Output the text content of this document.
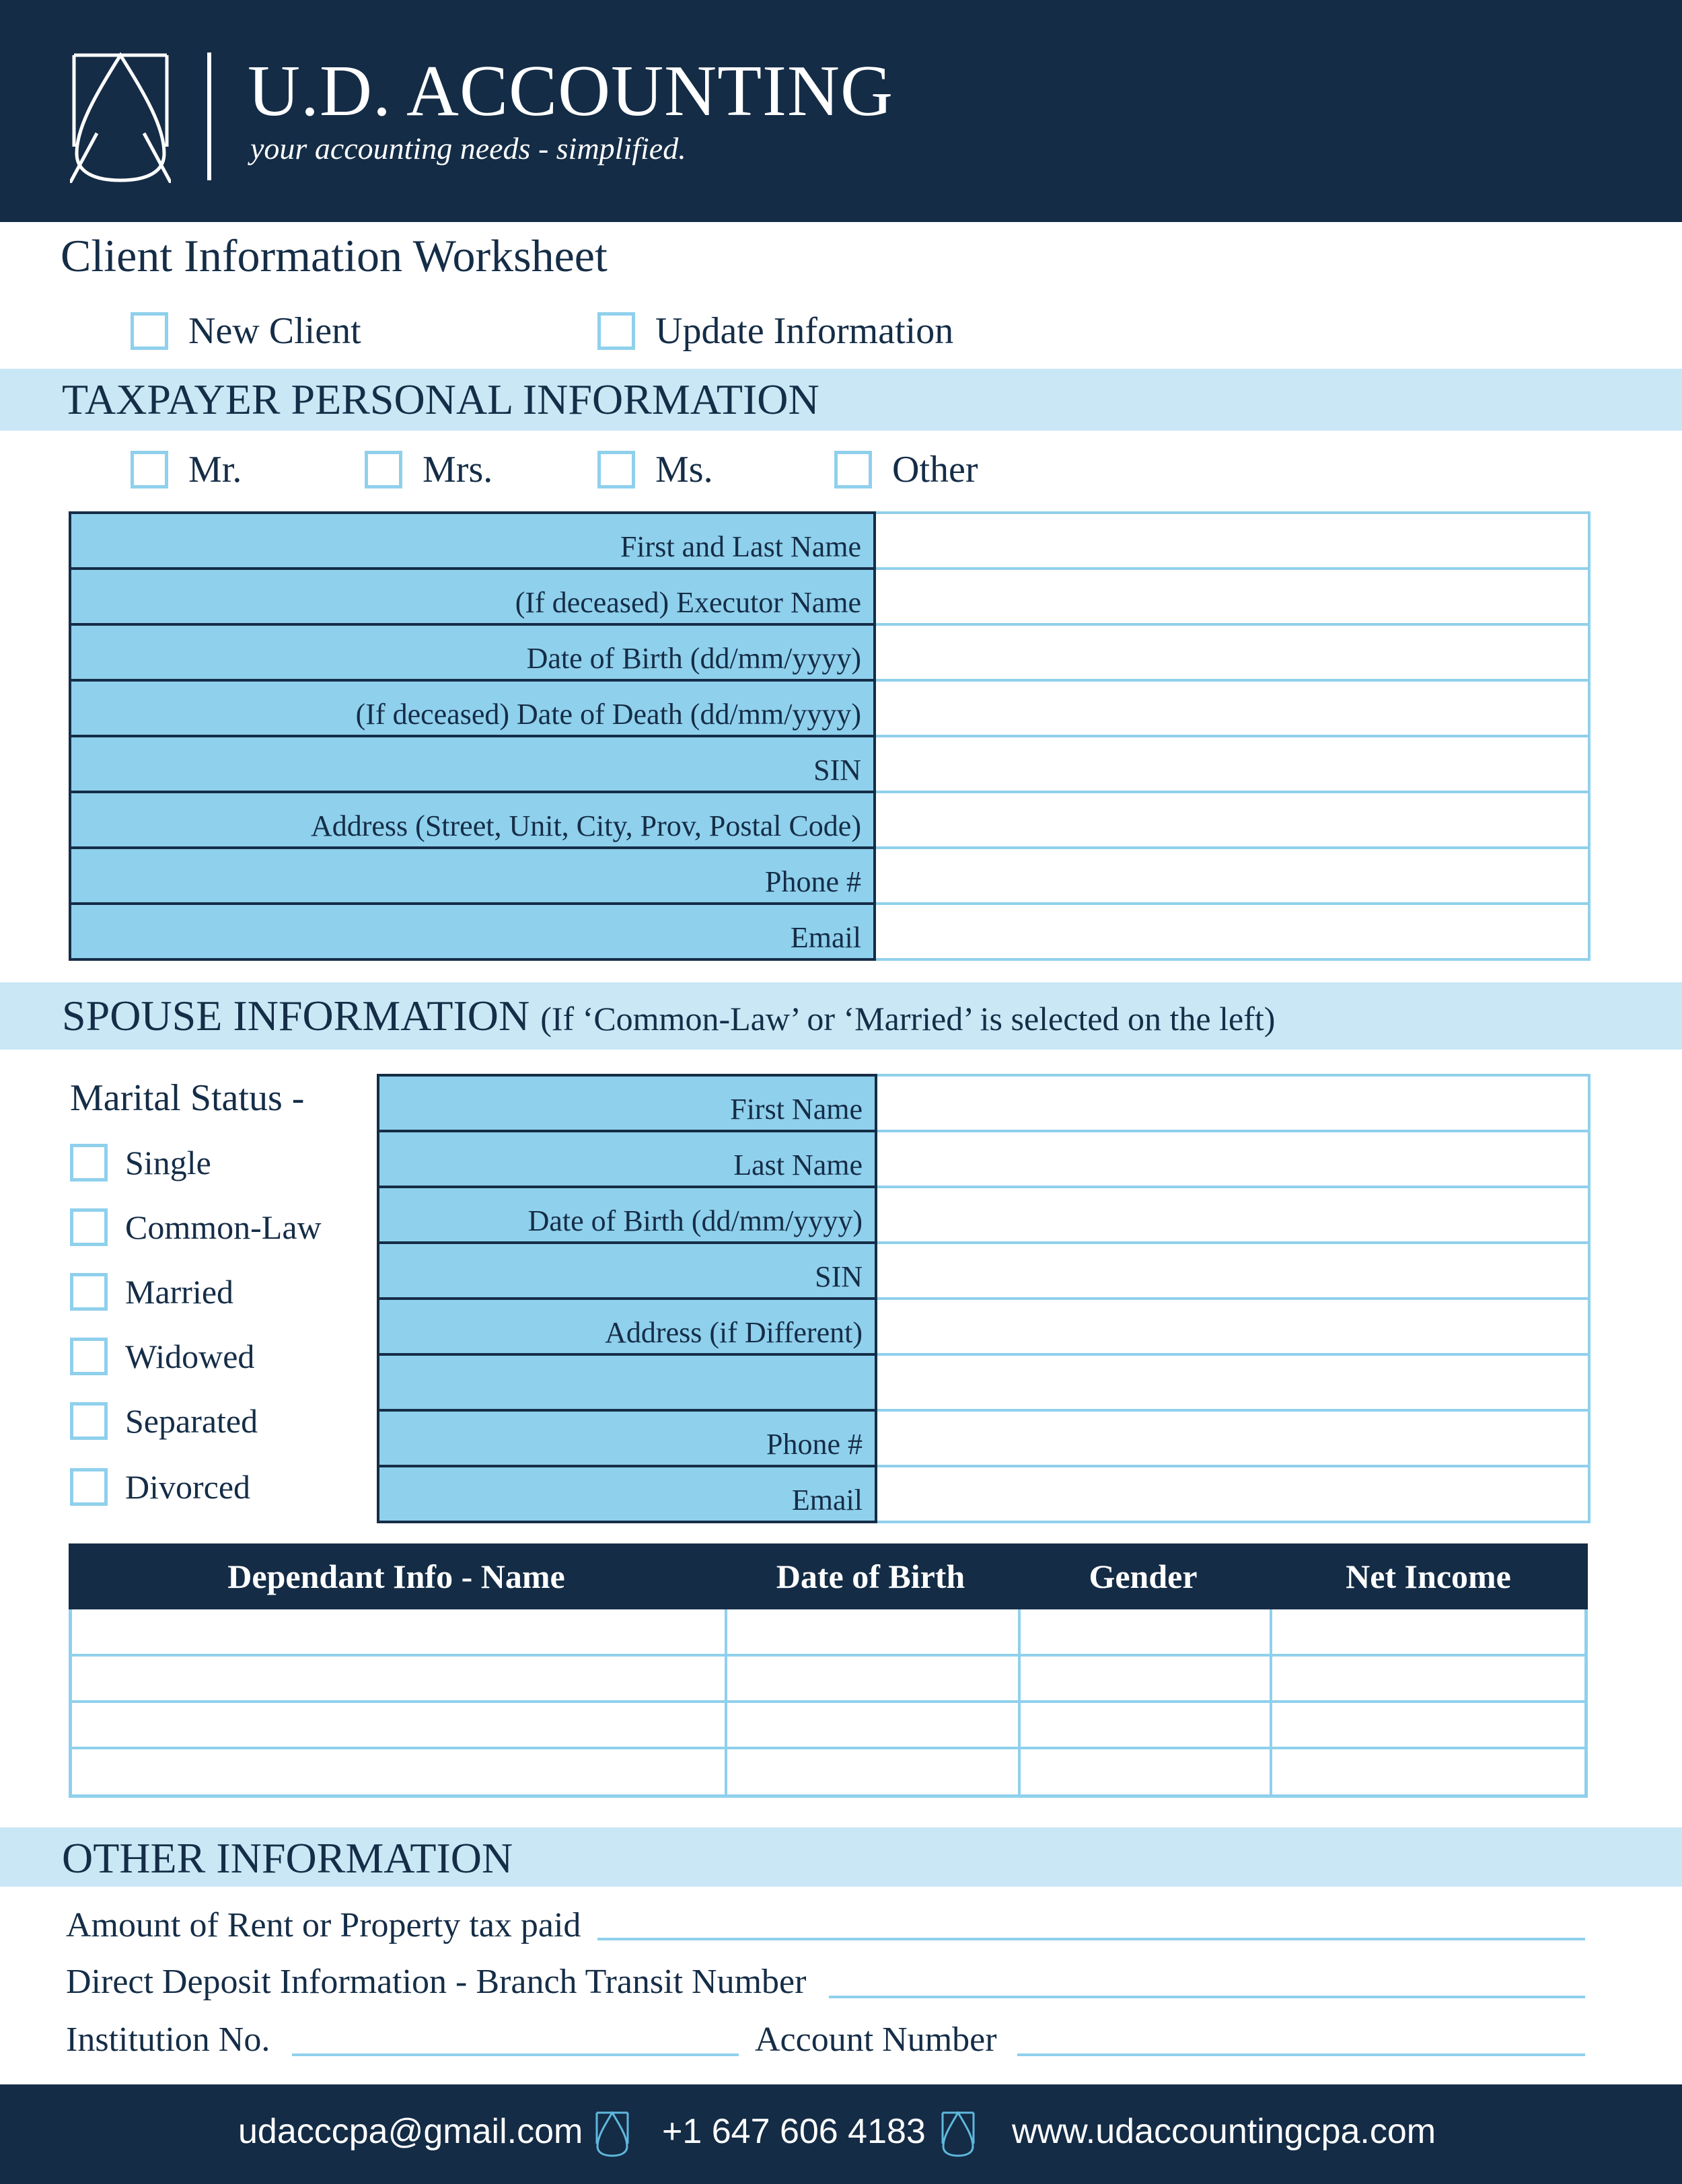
U.D. ACCOUNTING
your accounting needs - simplified.
Client Information Worksheet
New Client	Update Information
TAXPAYER PERSONAL INFORMATION
Mr.	Mrs.	Ms.	Other
First and Last Name	
(If deceased) Executor Name	
Date of Birth (dd/mm/yyyy)	
(If deceased) Date of Death (dd/mm/yyyy)	
SIN	
Address (Street, Unit, City, Prov, Postal Code)	
Phone #	
Email	
SPOUSE INFORMATION (If ‘Common-Law’ or ‘Married’ is selected on the left)
Marital Status -
Single
Common-Law
Married
Widowed
Separated
Divorced
First Name	
Last Name	
Date of Birth (dd/mm/yyyy)	
SIN	
Address (if Different)	

Phone #	
Email	
Dependant Info - Name	Date of Birth	Gender	Net Income
OTHER INFORMATION
Amount of Rent or Property tax paid
Direct Deposit Information - Branch Transit Number
Institution No.	Account Number
udacccpa@gmail.com +1 647 606 4183 www.udaccountingcpa.com
